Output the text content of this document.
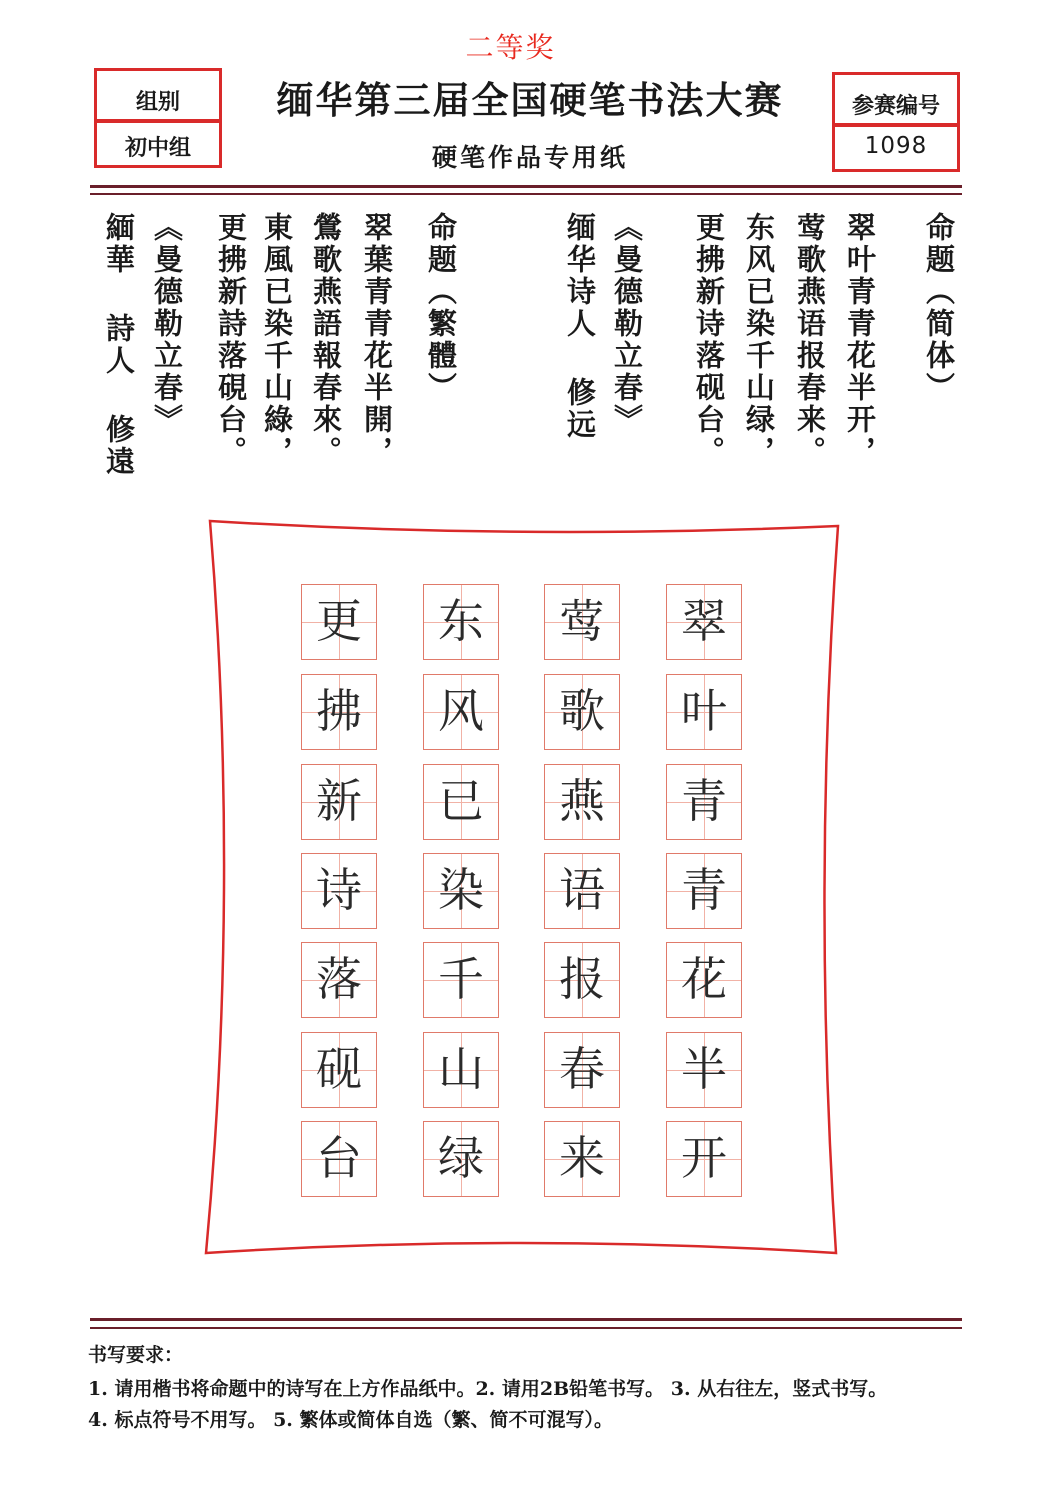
二等奖
组别
初中组
缅华第三届全国硬笔书法大赛
硬笔作品专用纸
参赛编号
1098
命题︵简体︶
翠叶青青花半开，
莺歌燕语报春来。
东风已染千山绿，
更拂新诗落砚台。
︽曼德勒立春︾
缅华诗人 修远
命题︵繁體︶
翠葉青青花半開，
鶯歌燕語報春來。
東風已染千山綠，
更拂新詩落硯台。
︽曼德勒立春︾
緬華 詩人 修遠
翠
叶
青
青
花
半
开
莺
歌
燕
语
报
春
来
东
风
已
染
千
山
绿
更
拂
新
诗
落
砚
台
书写要求：
1. 请用楷书将命题中的诗写在上方作品纸中。2. 请用2B铅笔书写。 3. 从右往左，竖式书写。
4. 标点符号不用写。 5. 繁体或简体自选（繁、简不可混写）。
